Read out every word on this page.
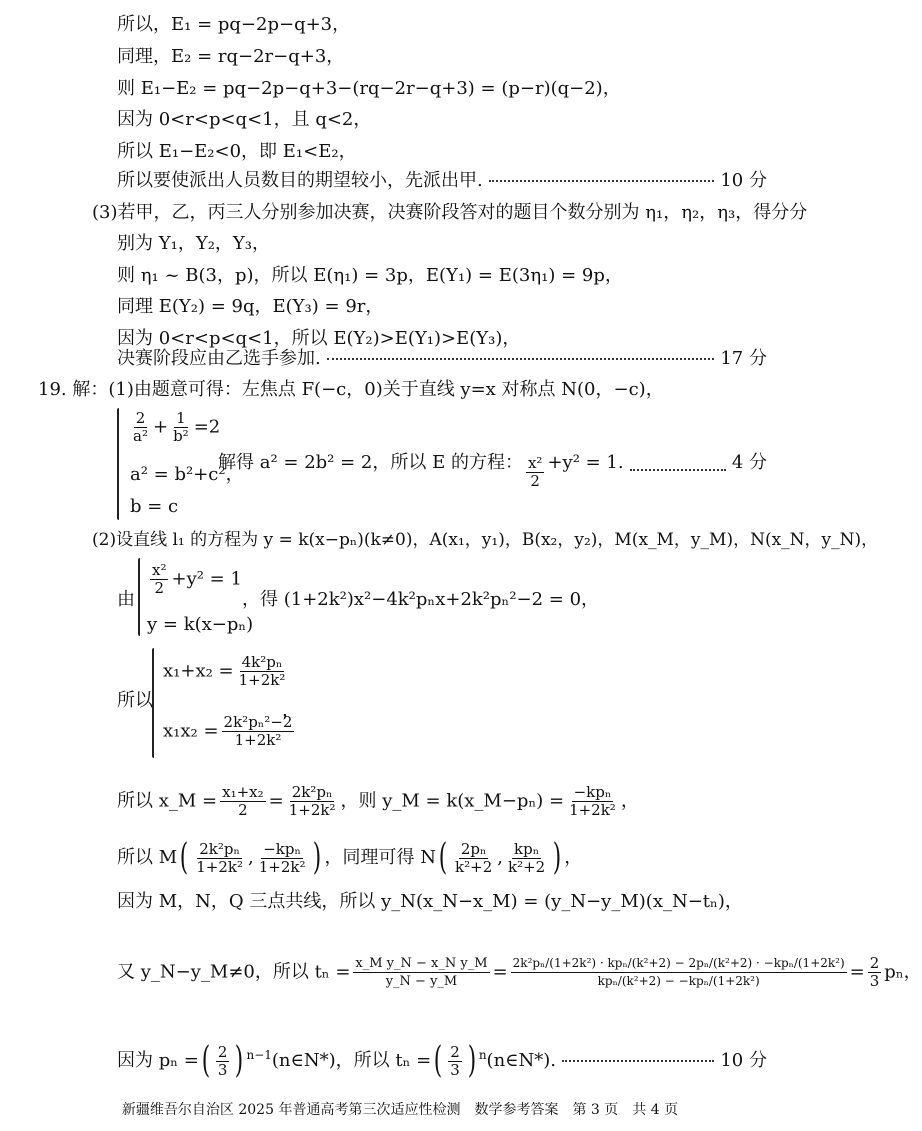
所以，E₁ = pq−2p−q+3，
同理，E₂ = rq−2r−q+3，
则 E₁−E₂ = pq−2p−q+3−(rq−2r−q+3) = (p−r)(q−2)，
因为 0<r<p<q<1，且 q<2，
所以 E₁−E₂<0，即 E₁<E₂，
所以要使派出人员数目的期望较小，先派出甲.	10 分
(3)若甲，乙，丙三人分别参加决赛，决赛阶段答对的题目个数分别为 η₁，η₂，η₃，得分分
别为 Y₁，Y₂，Y₃，
则 η₁ ~ B(3，p)，所以 E(η₁) = 3p，E(Y₁) = E(3η₁) = 9p，
同理 E(Y₂) = 9q，E(Y₃) = 9r，
因为 0<r<p<q<1，所以 E(Y₂)>E(Y₁)>E(Y₃)，
决赛阶段应由乙选手参加.	17 分
19. 解：(1)由题意可得：左焦点 F(−c，0)关于直线 y=x 对称点 N(0，−c)，
$\frac{2}{\text{a²}} + \frac{1}{\text{b²}} =2$
a² = b²+c²，
b = c
解得 a² = 2b² = 2，所以 E 的方程： $\frac{\text{x²}}{2} +y^2 = 1$.	4 分
(2)设直线 l₁ 的方程为 y = k(x−pₙ)(k≠0)，A(x₁，y₁)，B(x₂，y₂)，M(x_M，y_M)，N(x_N，y_N)，
由
$\frac{\text{x²}}{2} +y^2 = 1$
y = k(x−pₙ)
，得 (1+2k²)x²−4k²pₙx+2k²pₙ²−2 = 0，
所以
$x_1+x_2 = \frac{\text{4k²pₙ}}{\text{1+2k²}}$
$x_1x_2 = \frac{\text{2k²pₙ²−2}}{\text{1+2k²}}$
，
所以 x_M = $\frac{\text{x₁+x₂}}{2} = \frac{\text{2k²pₙ}}{\text{1+2k²}}$ ，则 y_M = k(x_M−pₙ) = $\frac{\text{−kpₙ}}{\text{1+2k²}}$ ，
所以 $M( \frac{\text{2k²pₙ}}{\text{1+2k²}}$ , $\frac{\text{−kpₙ}}{\text{1+2k²}}$ ) ，同理可得 $N( \frac{\text{2pₙ}}{\text{k²+2}}$ , $\frac{\text{kpₙ}}{\text{k²+2}}$ ) ，
因为 M，N，Q 三点共线，所以 y_N(x_N−x_M) = (y_N−y_M)(x_N−tₙ)，
又 y_N−y_M≠0，所以 $t_n = \frac{\text{x\_M y\_N − x\_N y\_M}}{y\_N - y\_M} = \frac{\text{2k²pₙ/(1+2k²) · kpₙ/(k²+2) − 2pₙ/(k²+2) · −kpₙ/(1+2k²)}}{\text{kpₙ/(k²+2) − −kpₙ/(1+2k²)}} = \frac{2}{3}$ pₙ，
因为 pₙ =( $\frac{2}{3}$ ) $^{n-1}$(n∈N*)，所以 tₙ =( $\frac{2}{3}$ ) $^n$(n∈N*).	10 分
新疆维吾尔自治区 2025 年普通高考第三次适应性检测　数学参考答案　第 3 页　共 4 页
